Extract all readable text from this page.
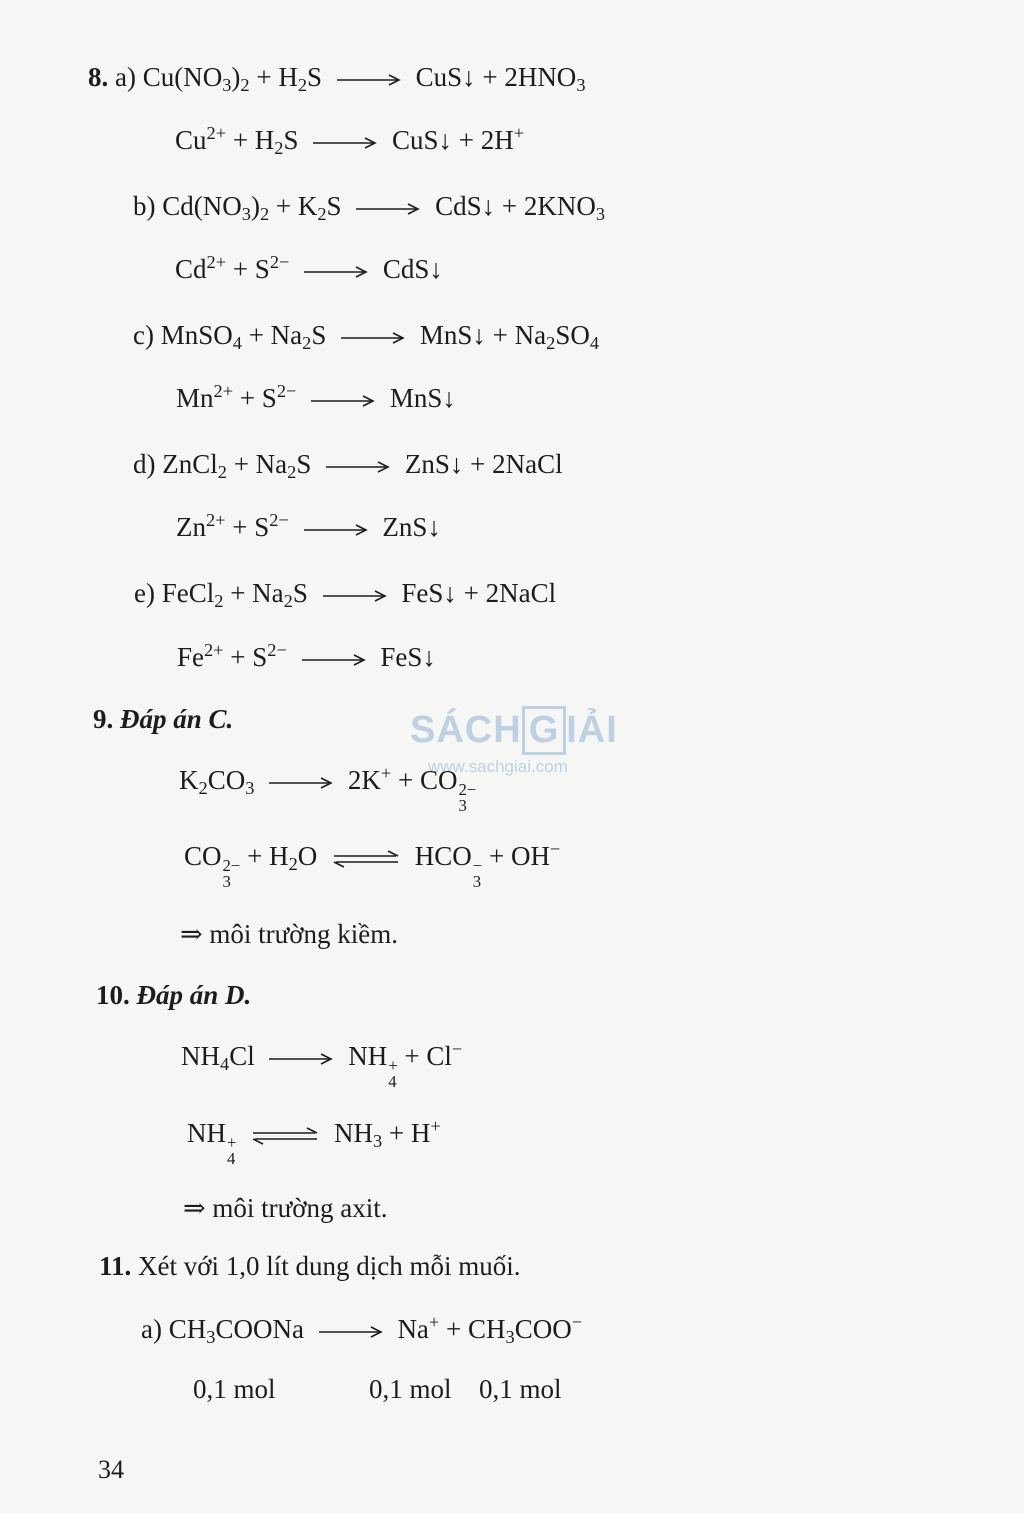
8. a) $Cu(NO_3)_2 + H_2S$ → CuS↓ + $2HNO_3$
$Cu^{2+} + H_2S$ → CuS↓ + 2H+
b) $Cd(NO_3)_2 + K_2S$ → CdS↓ + $2KNO_3$
$Cd^{2+} + S^{2-}$ → CdS↓
c) MnSO$_4$ + $Na_2S$ → MnS↓ + $Na_2SO_4$
$Mn^{2+} + S^{2-}$ → MnS↓
d) ZnCl$_2$ + $Na_2S$ → ZnS↓ + 2NaCl
$Zn^{2+} + S^{2-}$ → ZnS↓
e) FeCl$_2$ + $Na_2S$ → FeS↓ + 2NaCl
$Fe^{2+} + S^{2-}$ → FeS↓
9. Đáp án C.	SÁCH G IẢI
www.sachgiai.com
$K_2CO_3 \to 2K^+$ + CO 2−
3
CO 2−
3
+ $H_2O$ ⇌ HCO −
3
+ OH−
⇒ môi trường kiềm.
10. Đáp án D.
$NH_4Cl$ → NH +
4
+ Cl−
NH +
4
⇌ $NH_3 + H^+$
⇒ môi trường axit.
11. Xét với 1,0 lít dung dịch mỗi muối.
a) $CH_3COONa \to Na^+ + CH_3COO^-$
0,1 mol	0,1 mol 0,1 mol
34
